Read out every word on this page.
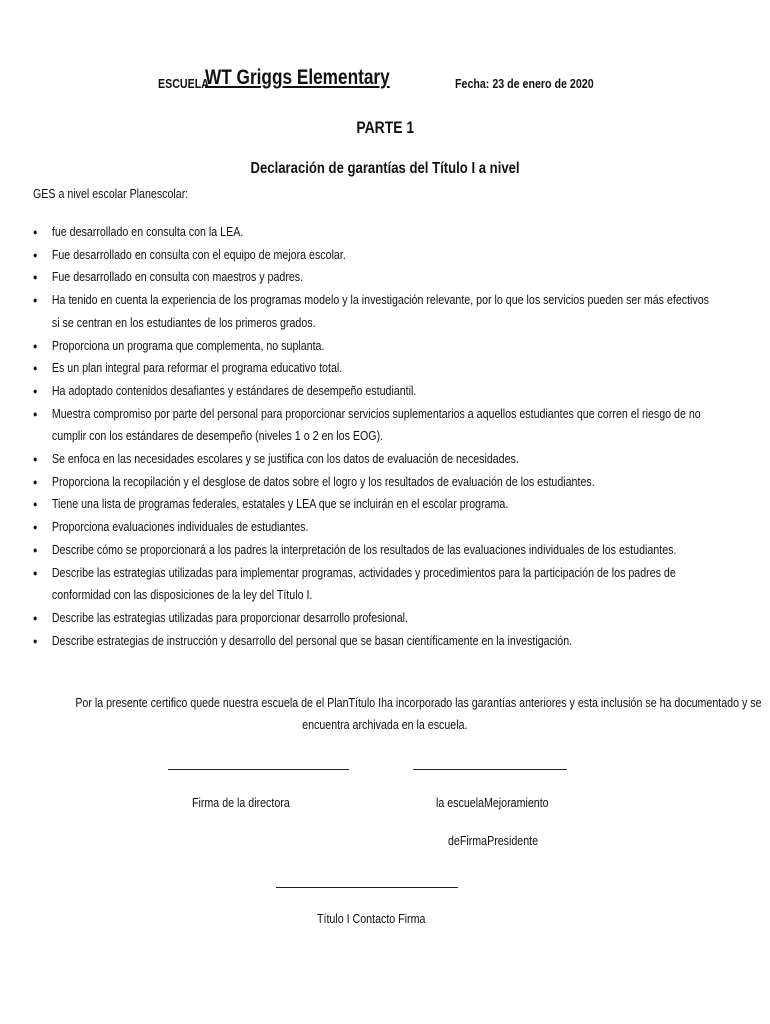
ESCUELA:
WT Griggs Elementary	Fecha: 23 de enero de 2020
PARTE 1
Declaración de garantías del Título I a nivel
GES a nivel escolar Planescolar:
● fue desarrollado en consulta con la LEA.
● Fue desarrollado en consulta con el equipo de mejora escolar.
● Fue desarrollado en consulta con maestros y padres.
● Ha tenido en cuenta la experiencia de los programas modelo y la investigación relevante, por lo que los servicios pueden ser más efectivos si se centran en los estudiantes de los primeros grados.
● Proporciona un programa que complementa, no suplanta.
● Es un plan integral para reformar el programa educativo total.
● Ha adoptado contenidos desafiantes y estándares de desempeño estudiantil.
● Muestra compromiso por parte del personal para proporcionar servicios suplementarios a aquellos estudiantes que corren el riesgo de no cumplir con los estándares de desempeño (niveles 1 o 2 en los EOG).
● Se enfoca en las necesidades escolares y se justifica con los datos de evaluación de necesidades.
● Proporciona la recopilación y el desglose de datos sobre el logro y los resultados de evaluación de los estudiantes.
● Tiene una lista de programas federales, estatales y LEA que se incluirán en el escolar programa.
● Proporciona evaluaciones individuales de estudiantes.
● Describe cómo se proporcionará a los padres la interpretación de los resultados de las evaluaciones individuales de los estudiantes.
● Describe las estrategias utilizadas para implementar programas, actividades y procedimientos para la participación de los padres de conformidad con las disposiciones de la ley del Título I.
● Describe las estrategias utilizadas para proporcionar desarrollo profesional.
● Describe estrategias de instrucción y desarrollo del personal que se basan científicamente en la investigación.
Por la presente certifico quede nuestra escuela de el PlanTítulo Iha incorporado las garantías anteriores y esta inclusión se ha documentado y se
encuentra archivada en la escuela.
Firma de la directora	la escuelaMejoramiento
deFirmaPresidente
Título I Contacto Firma
